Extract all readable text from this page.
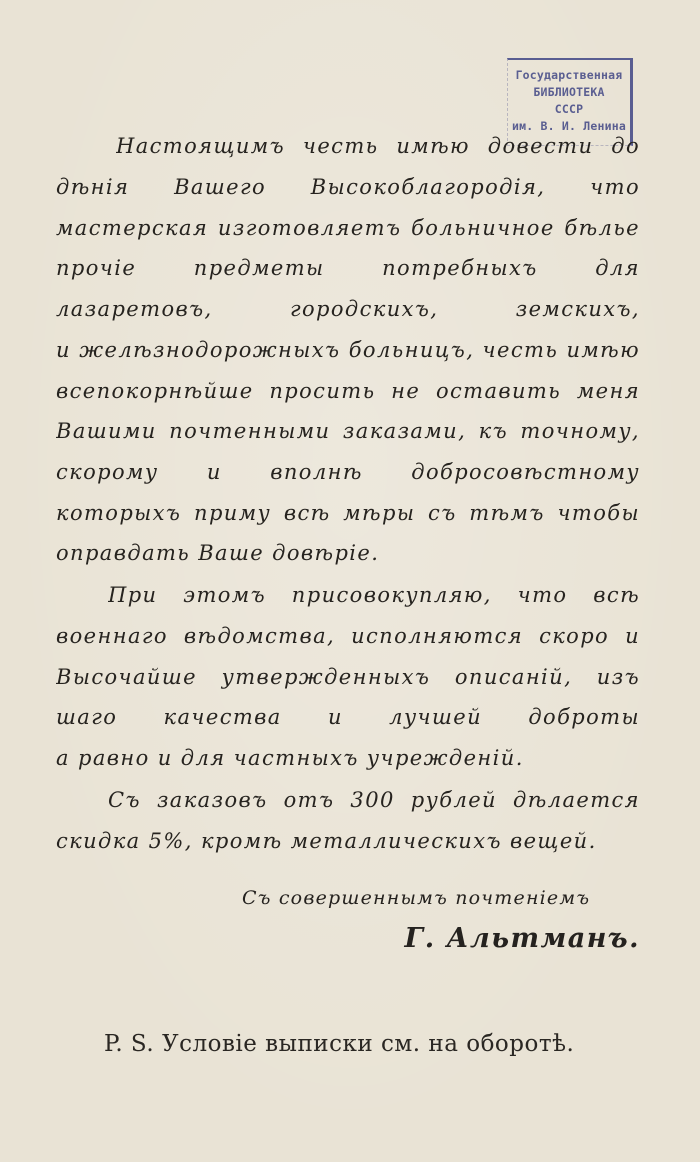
Государственная
БИБЛИОТЕКА
СССР
им. В. И. Ленина
Настоящимъ честь имѣю довести до
дѣнія Вашего Высокоблагородія, что
мастерская изготовляетъ больничное бѣлье
прочіе предметы потребныхъ для
лазаретовъ, городскихъ, земскихъ,
и желѣзнодорожныхъ больницъ, честь имѣю
всепокорнѣйше просить не оставить меня
Вашими почтенными заказами, къ точному,
скорому и вполнѣ добросовѣстному
которыхъ приму всѣ мѣры съ тѣмъ чтобы
оправдать Ваше довѣріе.
При этомъ присовокупляю, что всѣ
военнаго вѣдомства, исполняются скоро и
Высочайше утвержденныхъ описаній, изъ
шаго качества и лучшей доброты
а равно и для частныхъ учрежденій.
Съ заказовъ отъ 300 рублей дѣлается
скидка 5%, кромѣ металлическихъ вещей.
Съ совершеннымъ почтеніемъ
Г. Альтманъ.
P. S. Условіе выписки см. на оборотѣ.
